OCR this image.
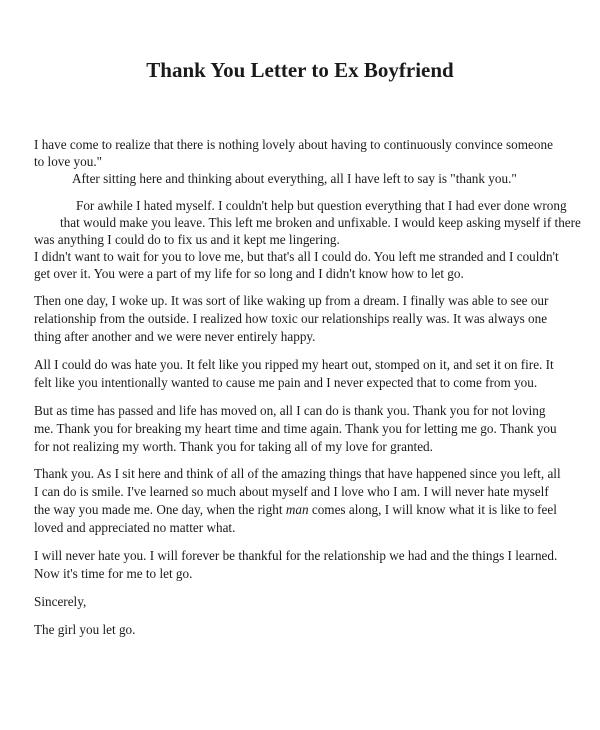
Thank You Letter to Ex Boyfriend
I have come to realize that there is nothing lovely about having to continuously convince someone
to love you."
After sitting here and thinking about everything, all I have left to say is "thank you."
For awhile I hated myself. I couldn't help but question everything that I had ever done wrong
that would make you leave. This left me broken and unfixable. I would keep asking myself if there
was anything I could do to fix us and it kept me lingering.
I didn't want to wait for you to love me, but that's all I could do. You left me stranded and I couldn't
get over it. You were a part of my life for so long and I didn't know how to let go.
Then one day, I woke up. It was sort of like waking up from a dream. I finally was able to see our
relationship from the outside. I realized how toxic our relationships really was. It was always one
thing after another and we were never entirely happy.
All I could do was hate you. It felt like you ripped my heart out, stomped on it, and set it on fire. It
felt like you intentionally wanted to cause me pain and I never expected that to come from you.
But as time has passed and life has moved on, all I can do is thank you. Thank you for not loving
me. Thank you for breaking my heart time and time again. Thank you for letting me go. Thank you
for not realizing my worth. Thank you for taking all of my love for granted.
Thank you. As I sit here and think of all of the amazing things that have happened since you left, all
I can do is smile. I've learned so much about myself and I love who I am. I will never hate myself
the way you made me. One day, when the right man comes along, I will know what it is like to feel
loved and appreciated no matter what.
I will never hate you. I will forever be thankful for the relationship we had and the things I learned.
Now it's time for me to let go.
Sincerely,
The girl you let go.
